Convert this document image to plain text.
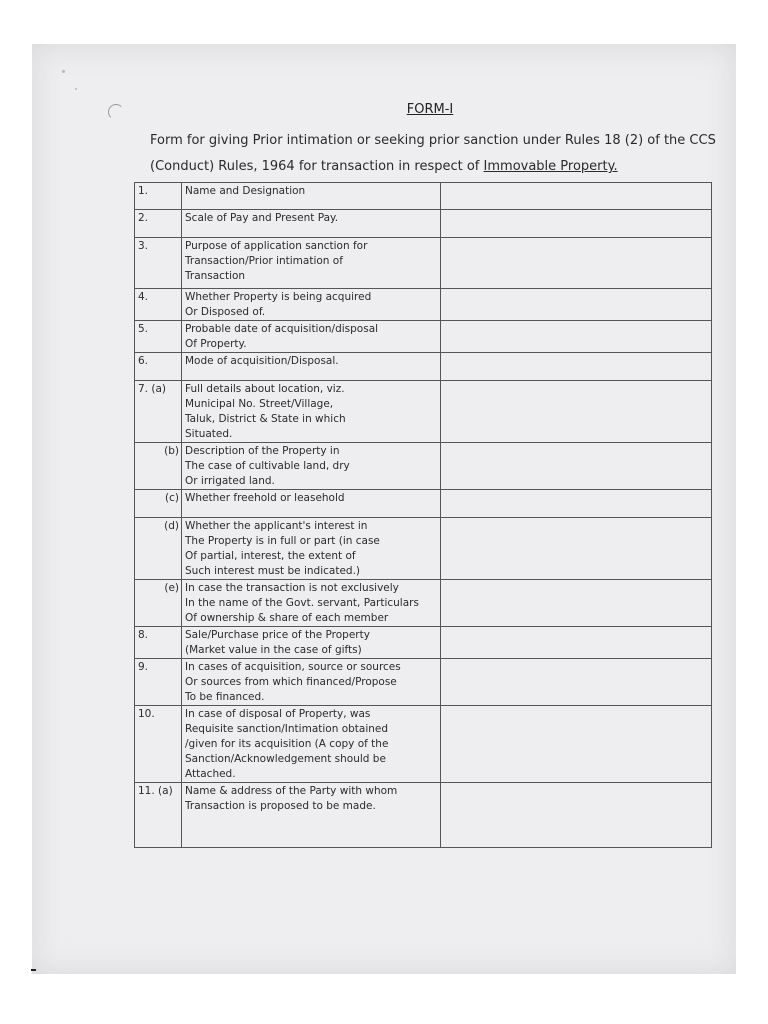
FORM-I
Form for giving Prior intimation or seeking prior sanction under Rules 18 (2) of the CCS (Conduct) Rules, 1964 for transaction in respect of Immovable Property.
1.	Name and Designation	
2.	Scale of Pay and Present Pay.	
3.	Purpose of application sanction for
Transaction/Prior intimation of
Transaction	
4.	Whether Property is being acquired
Or Disposed of.	
5.	Probable date of acquisition/disposal
Of Property.	
6.	Mode of acquisition/Disposal.	
7. (a)	Full details about location, viz.
Municipal No. Street/Village,
Taluk, District & State in which
Situated.	
(b)	Description of the Property in
The case of cultivable land, dry
Or irrigated land.	
(c)	Whether freehold or leasehold	
(d)	Whether the applicant's interest in
The Property is in full or part (in case
Of partial, interest, the extent of
Such interest must be indicated.)	
(e)	In case the transaction is not exclusively
In the name of the Govt. servant, Particulars
Of ownership & share of each member	
8.	Sale/Purchase price of the Property
(Market value in the case of gifts)	
9.	In cases of acquisition, source or sources
Or sources from which financed/Propose
To be financed.	
10.	In case of disposal of Property, was
Requisite sanction/Intimation obtained
/given for its acquisition (A copy of the
Sanction/Acknowledgement should be
Attached.	
11. (a)	Name & address of the Party with whom
Transaction is proposed to be made.	
